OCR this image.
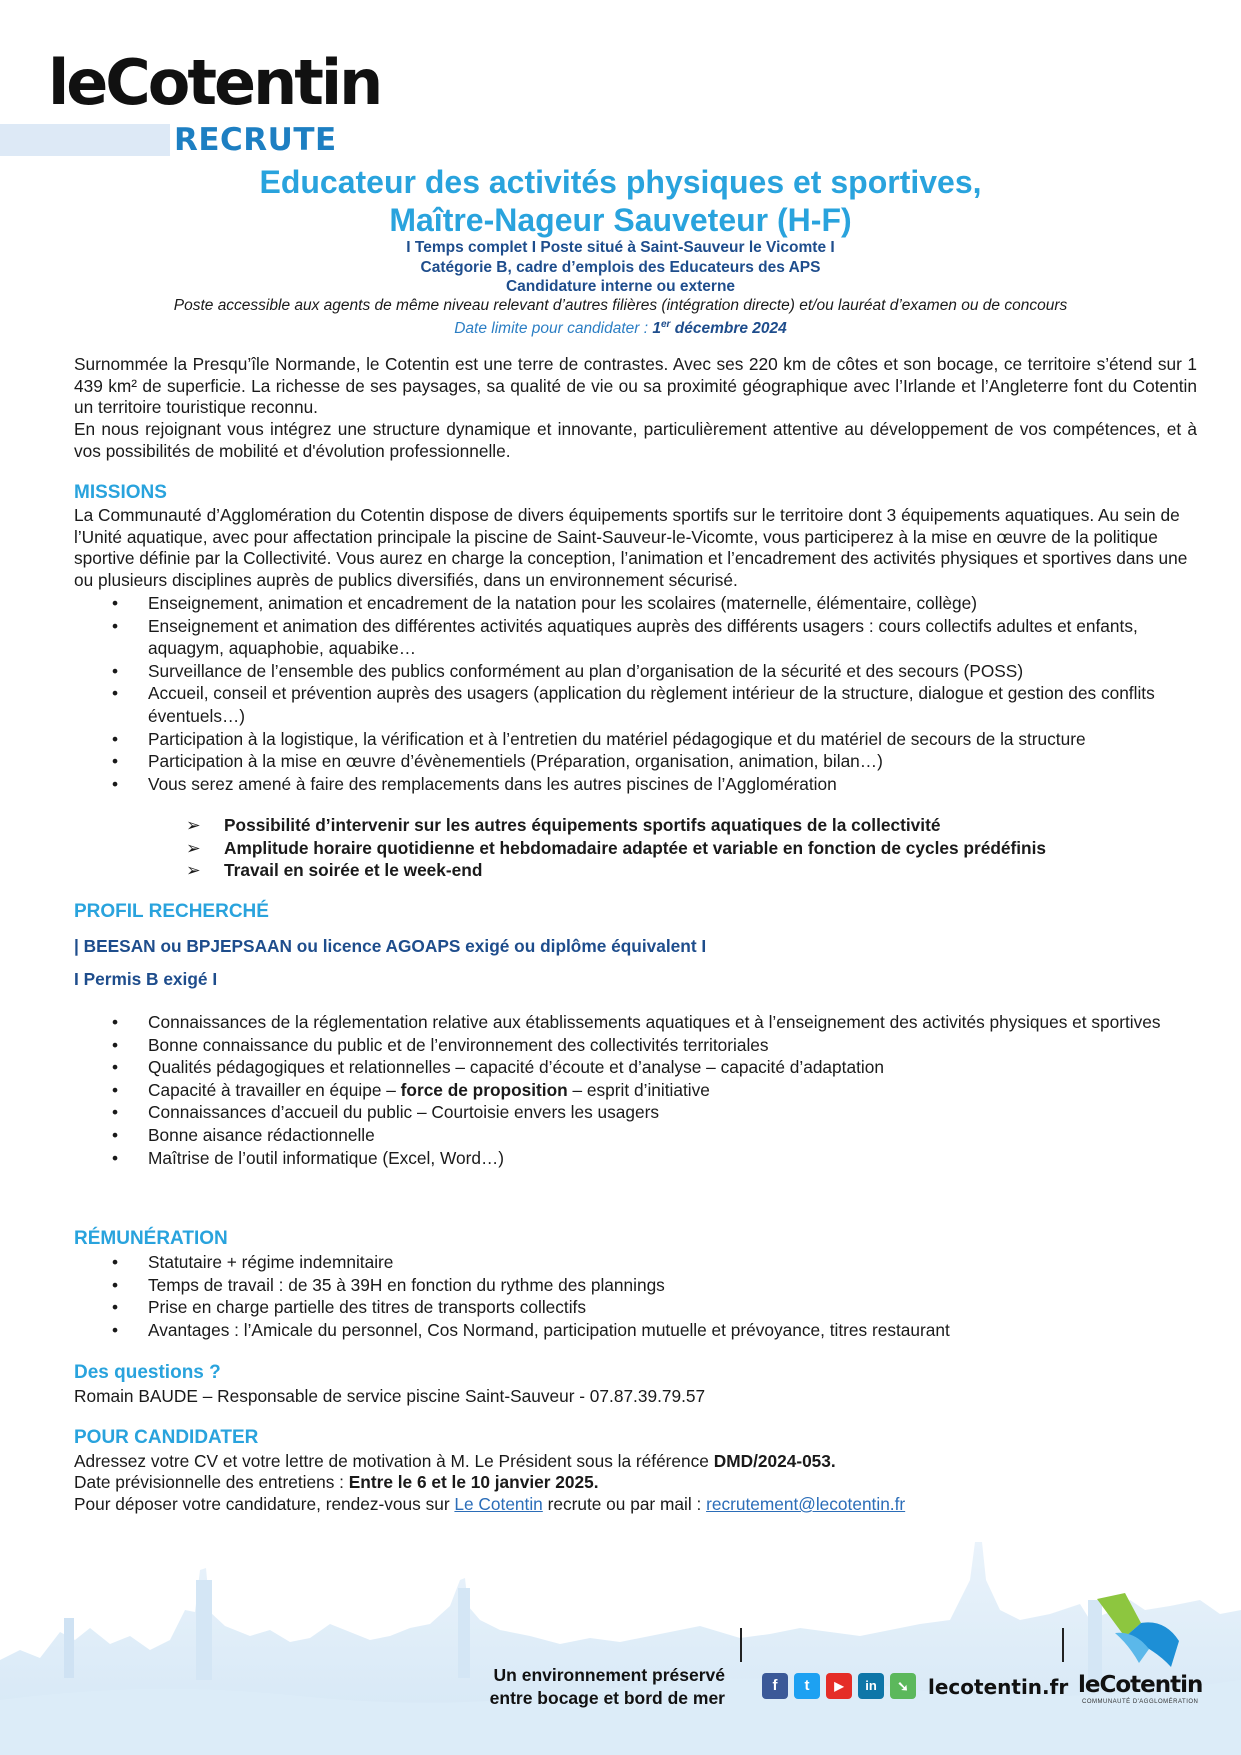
leCotentin
RECRUTE
Educateur des activités physiques et sportives,
Maître-Nageur Sauveteur (H-F)
I Temps complet I Poste situé à Saint-Sauveur le Vicomte I
Catégorie B, cadre d’emplois des Educateurs des APS
Candidature interne ou externe
Poste accessible aux agents de même niveau relevant d’autres filières (intégration directe) et/ou lauréat d’examen ou de concours
Date limite pour candidater : 1er décembre 2024
Surnommée la Presqu’île Normande, le Cotentin est une terre de contrastes. Avec ses 220 km de côtes et son bocage, ce territoire s’étend sur 1 439 km² de superficie. La richesse de ses paysages, sa qualité de vie ou sa proximité géographique avec l’Irlande et l’Angleterre font du Cotentin un territoire touristique reconnu.
En nous rejoignant vous intégrez une structure dynamique et innovante, particulièrement attentive au développement de vos compétences, et à vos possibilités de mobilité et d'évolution professionnelle.
MISSIONS
La Communauté d’Agglomération du Cotentin dispose de divers équipements sportifs sur le territoire dont 3 équipements aquatiques. Au sein de l’Unité aquatique, avec pour affectation principale la piscine de Saint-Sauveur-le-Vicomte, vous participerez à la mise en œuvre de la politique sportive définie par la Collectivité. Vous aurez en charge la conception, l’animation et l’encadrement des activités physiques et sportives dans une ou plusieurs disciplines auprès de publics diversifiés, dans un environnement sécurisé.
• Enseignement, animation et encadrement de la natation pour les scolaires (maternelle, élémentaire, collège)
• Enseignement et animation des différentes activités aquatiques auprès des différents usagers : cours collectifs adultes et enfants, aquagym, aquaphobie, aquabike…
• Surveillance de l’ensemble des publics conformément au plan d’organisation de la sécurité et des secours (POSS)
• Accueil, conseil et prévention auprès des usagers (application du règlement intérieur de la structure, dialogue et gestion des conflits éventuels…)
• Participation à la logistique, la vérification et à l’entretien du matériel pédagogique et du matériel de secours de la structure
• Participation à la mise en œuvre d’évènementiels (Préparation, organisation, animation, bilan…)
• Vous serez amené à faire des remplacements dans les autres piscines de l’Agglomération
➢ Possibilité d’intervenir sur les autres équipements sportifs aquatiques de la collectivité
➢ Amplitude horaire quotidienne et hebdomadaire adaptée et variable en fonction de cycles prédéfinis
➢ Travail en soirée et le week-end
PROFIL RECHERCHÉ
| BEESAN ou BPJEPSAAN ou licence AGOAPS exigé ou diplôme équivalent I
I Permis B exigé I
• Connaissances de la réglementation relative aux établissements aquatiques et à l’enseignement des activités physiques et sportives
• Bonne connaissance du public et de l’environnement des collectivités territoriales
• Qualités pédagogiques et relationnelles – capacité d’écoute et d’analyse – capacité d’adaptation
• Capacité à travailler en équipe – force de proposition – esprit d’initiative
• Connaissances d’accueil du public – Courtoisie envers les usagers
• Bonne aisance rédactionnelle
• Maîtrise de l’outil informatique (Excel, Word…)
RÉMUNÉRATION
• Statutaire + régime indemnitaire
• Temps de travail : de 35 à 39H en fonction du rythme des plannings
• Prise en charge partielle des titres de transports collectifs
• Avantages : l’Amicale du personnel, Cos Normand, participation mutuelle et prévoyance, titres restaurant
Des questions ?
Romain BAUDE – Responsable de service piscine Saint-Sauveur - 07.87.39.79.57
POUR CANDIDATER
Adressez votre CV et votre lettre de motivation à M. Le Président sous la référence DMD/2024-053.
Date prévisionnelle des entretiens : Entre le 6 et le 10 janvier 2025.
Pour déposer votre candidature, rendez-vous sur Le Cotentin recrute ou par mail : recrutement@lecotentin.fr
Un environnement préservé
entre bocage et bord de mer
f	t	▶	in	➘ lecotentin.fr leCotentin
COMMUNAUTÉ D'AGGLOMÉRATION
